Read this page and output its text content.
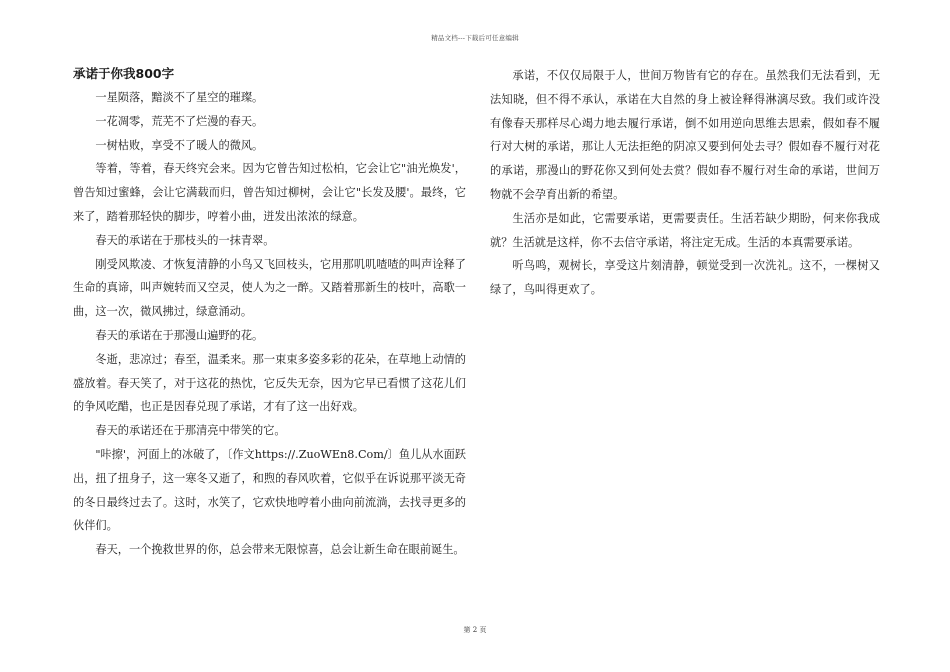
精品文档---下载后可任意编辑
承诺于你我800字

一星陨落，黯淡不了星空的璀璨。

一花凋零，荒芜不了烂漫的春天。

一树枯败，享受不了暖人的微风。

等着，等着，春天终究会来。因为它曾告知过松柏，它会让它"油光焕发'，曾告知过蜜蜂，会让它满载而归，曾告知过柳树，会让它"长发及腰'。最终，它来了，踏着那轻快的脚步，哼着小曲，迸发出浓浓的绿意。

春天的承诺在于那枝头的一抹青翠。

刚受风欺凌、才恢复清静的小鸟又飞回枝头，它用那叽叽喳喳的叫声诠释了生命的真谛，叫声婉转而又空灵，使人为之一醉。又踏着那新生的枝叶，高歌一曲，这一次，微风拂过，绿意涌动。

春天的承诺在于那漫山遍野的花。

冬逝，悲凉过；春至，温柔来。那一束束多姿多彩的花朵，在草地上动情的盛放着。春天笑了，对于这花的热忱，它反失无奈，因为它早已看惯了这花儿们的争风吃醋，也正是因春兑现了承诺，才有了这一出好戏。

春天的承诺还在于那清亮中带笑的它。

"咔擦'，河面上的冰破了，〔作文https://.ZuoWEn8.Com/〕鱼儿从水面跃出，扭了扭身子，这一寒冬又逝了，和煦的春风吹着，它似乎在诉说那平淡无奇的冬日最终过去了。这时，水笑了，它欢快地哼着小曲向前流淌，去找寻更多的伙伴们。

春天，一个挽救世界的你，总会带来无限惊喜，总会让新生命在眼前诞生。

承诺，不仅仅局限于人，世间万物皆有它的存在。虽然我们无法看到，无法知晓，但不得不承认，承诺在大自然的身上被诠释得淋漓尽致。我们或许没有像春天那样尽心竭力地去履行承诺，倒不如用逆向思维去思索，假如春不履行对大树的承诺，那让人无法拒绝的阴凉又要到何处去寻？假如春不履行对花的承诺，那漫山的野花你又到何处去赏？假如春不履行对生命的承诺，世间万物就不会孕育出新的希望。

生活亦是如此，它需要承诺，更需要责任。生活若缺少期盼，何来你我成就？生活就是这样，你不去信守承诺，将注定无成。生活的本真需要承诺。

听鸟鸣，观树长，享受这片刻清静，顿觉受到一次洗礼。这不，一棵树又绿了，鸟叫得更欢了。

第 2 页
